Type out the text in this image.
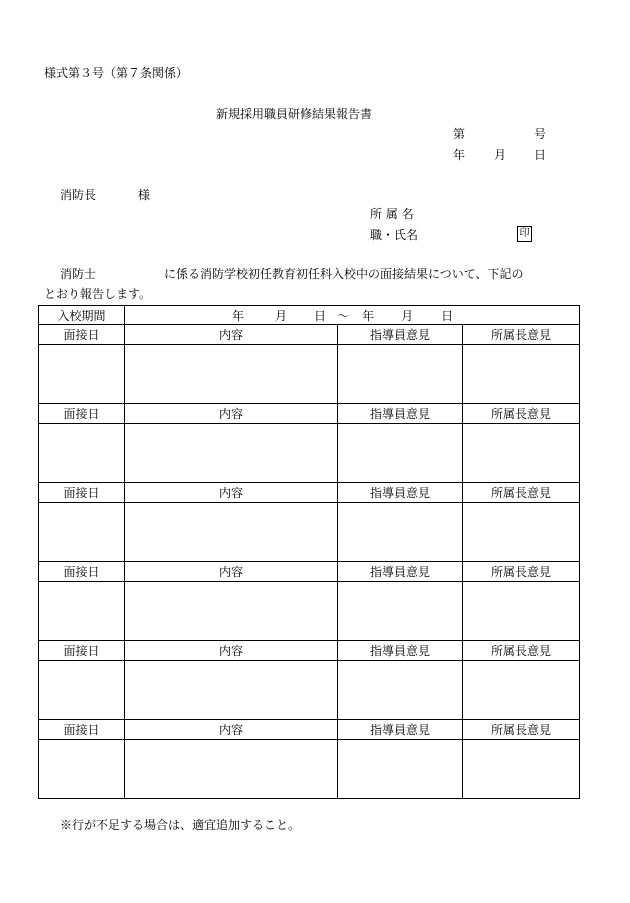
様式第３号（第７条関係）
新規採用職員研修結果報告書
第	号
年 月 日
消防長	様
所 属 名
職・氏名	印
消防士	に係る消防学校初任教育初任科入校中の面接結果について、下記の
とおり報告します。
入校期間	年 月 日 ～ 年 月 日		
面接日	内容	指導員意見	所属長意見

面接日	内容	指導員意見	所属長意見

面接日	内容	指導員意見	所属長意見

面接日	内容	指導員意見	所属長意見

面接日	内容	指導員意見	所属長意見

面接日	内容	指導員意見	所属長意見

※行が不足する場合は、適宜追加すること。
